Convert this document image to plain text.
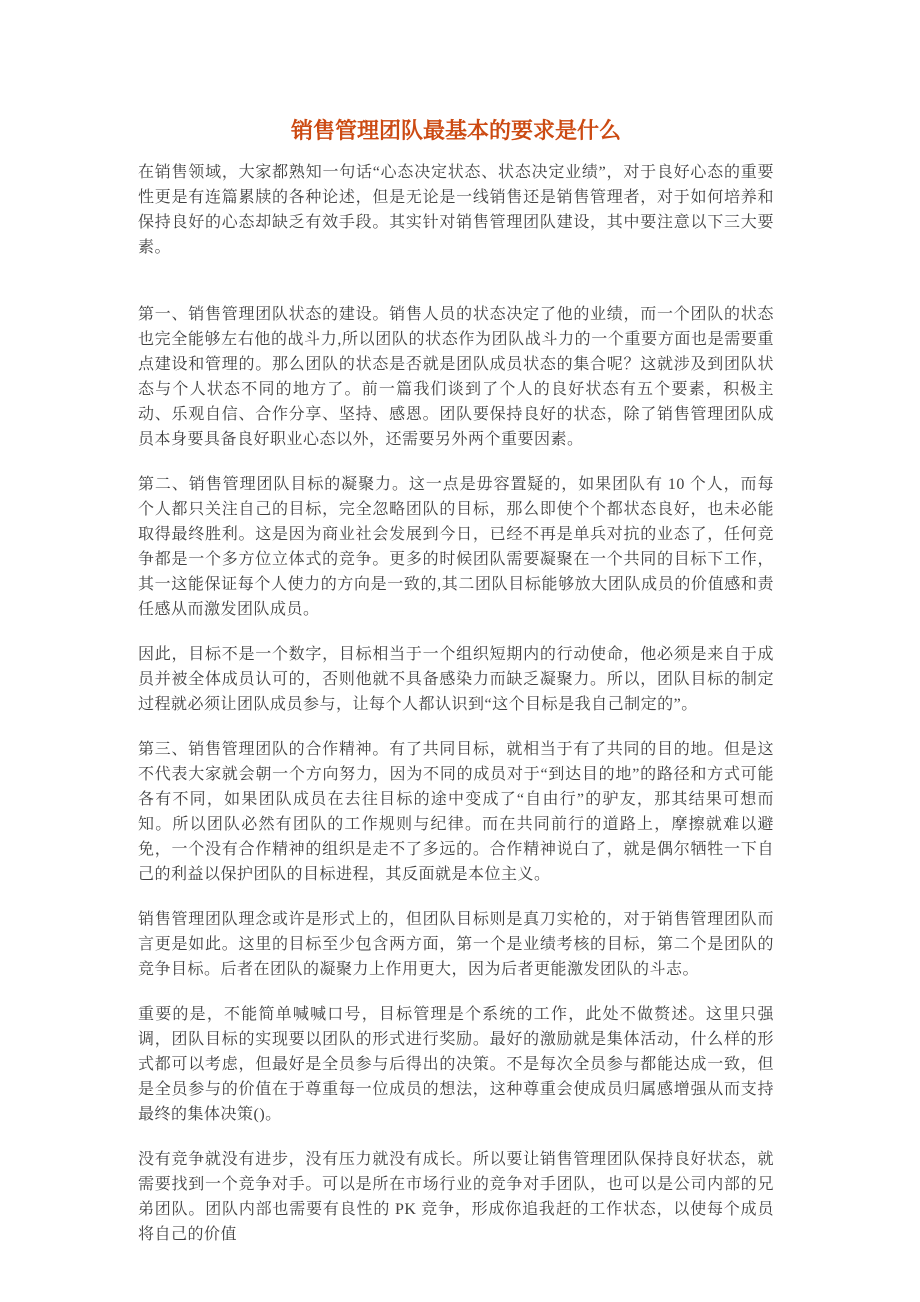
销售管理团队最基本的要求是什么

在销售领域，大家都熟知一句话“心态决定状态、状态决定业绩”，对于良好心态的重要性更是有连篇累牍的各种论述，但是无论是一线销售还是销售管理者，对于如何培养和保持良好的心态却缺乏有效手段。其实针对销售管理团队建设，其中要注意以下三大要素。

第一、销售管理团队状态的建设。销售人员的状态决定了他的业绩，而一个团队的状态也完全能够左右他的战斗力,所以团队的状态作为团队战斗力的一个重要方面也是需要重点建设和管理的。那么团队的状态是否就是团队成员状态的集合呢？这就涉及到团队状态与个人状态不同的地方了。前一篇我们谈到了个人的良好状态有五个要素，积极主动、乐观自信、合作分享、坚持、感恩。团队要保持良好的状态，除了销售管理团队成员本身要具备良好职业心态以外，还需要另外两个重要因素。

第二、销售管理团队目标的凝聚力。这一点是毋容置疑的，如果团队有 10 个人，而每个人都只关注自己的目标，完全忽略团队的目标，那么即使个个都状态良好，也未必能取得最终胜利。这是因为商业社会发展到今日，已经不再是单兵对抗的业态了，任何竞争都是一个多方位立体式的竞争。更多的时候团队需要凝聚在一个共同的目标下工作，其一这能保证每个人使力的方向是一致的,其二团队目标能够放大团队成员的价值感和责任感从而激发团队成员。

因此，目标不是一个数字，目标相当于一个组织短期内的行动使命，他必须是来自于成员并被全体成员认可的，否则他就不具备感染力而缺乏凝聚力。所以，团队目标的制定过程就必须让团队成员参与，让每个人都认识到“这个目标是我自己制定的”。

第三、销售管理团队的合作精神。有了共同目标，就相当于有了共同的目的地。但是这不代表大家就会朝一个方向努力，因为不同的成员对于“到达目的地”的路径和方式可能各有不同，如果团队成员在去往目标的途中变成了“自由行”的驴友，那其结果可想而知。所以团队必然有团队的工作规则与纪律。而在共同前行的道路上，摩擦就难以避免，一个没有合作精神的组织是走不了多远的。合作精神说白了，就是偶尔牺牲一下自己的利益以保护团队的目标进程，其反面就是本位主义。

销售管理团队理念或许是形式上的，但团队目标则是真刀实枪的，对于销售管理团队而言更是如此。这里的目标至少包含两方面，第一个是业绩考核的目标，第二个是团队的竞争目标。后者在团队的凝聚力上作用更大，因为后者更能激发团队的斗志。

重要的是，不能简单喊喊口号，目标管理是个系统的工作，此处不做赘述。这里只强调，团队目标的实现要以团队的形式进行奖励。最好的激励就是集体活动，什么样的形式都可以考虑，但最好是全员参与后得出的决策。不是每次全员参与都能达成一致，但是全员参与的价值在于尊重每一位成员的想法，这种尊重会使成员归属感增强从而支持最终的集体决策()。

没有竞争就没有进步，没有压力就没有成长。所以要让销售管理团队保持良好状态，就需要找到一个竞争对手。可以是所在市场行业的竞争对手团队，也可以是公司内部的兄弟团队。团队内部也需要有良性的 PK 竞争，形成你追我赶的工作状态，以使每个成员将自己的价值
